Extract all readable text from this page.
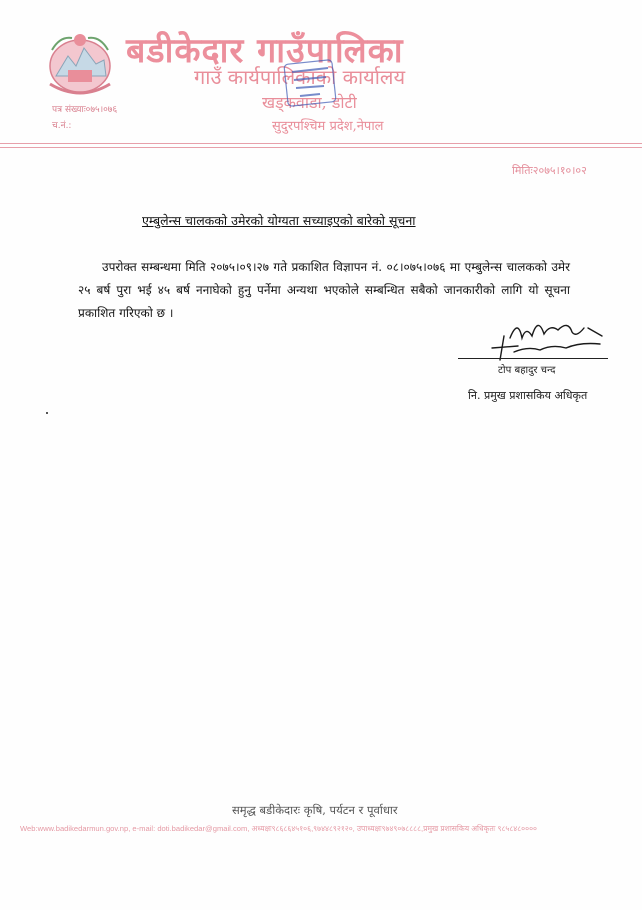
बडीकेदार गाउँपालिका
गाउँ कार्यपालिकाको कार्यालय
खड्कवाडा, डोटी
सुदुरपश्चिम प्रदेश,नेपाल
पत्र संख्याः०७५।०७६
च.नं.:
मितिः२०७५।१०।०२
एम्बुलेन्स चालकको उमेरको योग्यता सच्याइएको बारेको सूचना
उपरोक्त सम्बन्धमा मिति २०७५।०९।२७ गते प्रकाशित विज्ञापन नं. ०८।०७५।०७६ मा एम्बुलेन्स चालकको उमेर २५ बर्ष पुरा भई ४५ बर्ष ननाघेको हुनु पर्नेमा अन्यथा भएकोले सम्बन्धित सबैको जानकारीको लागि यो सूचना प्रकाशित गरिएको छ ।
टोप बहादुर चन्द
नि. प्रमुख प्रशासकिय अधिकृत
समृद्ध बडीकेदारः कृषि, पर्यटन र पूर्वाधार
Web:www.badikedarmun.gov.np, e-mail: doti.badikedar@gmail.com, अध्यक्षः९८६८६४५१०६,९७४४८९२१२०, उपाध्यक्षः९७४९०७८८८८,प्रमुख प्रशासकिय अधिकृतः ९८५८४८००००
